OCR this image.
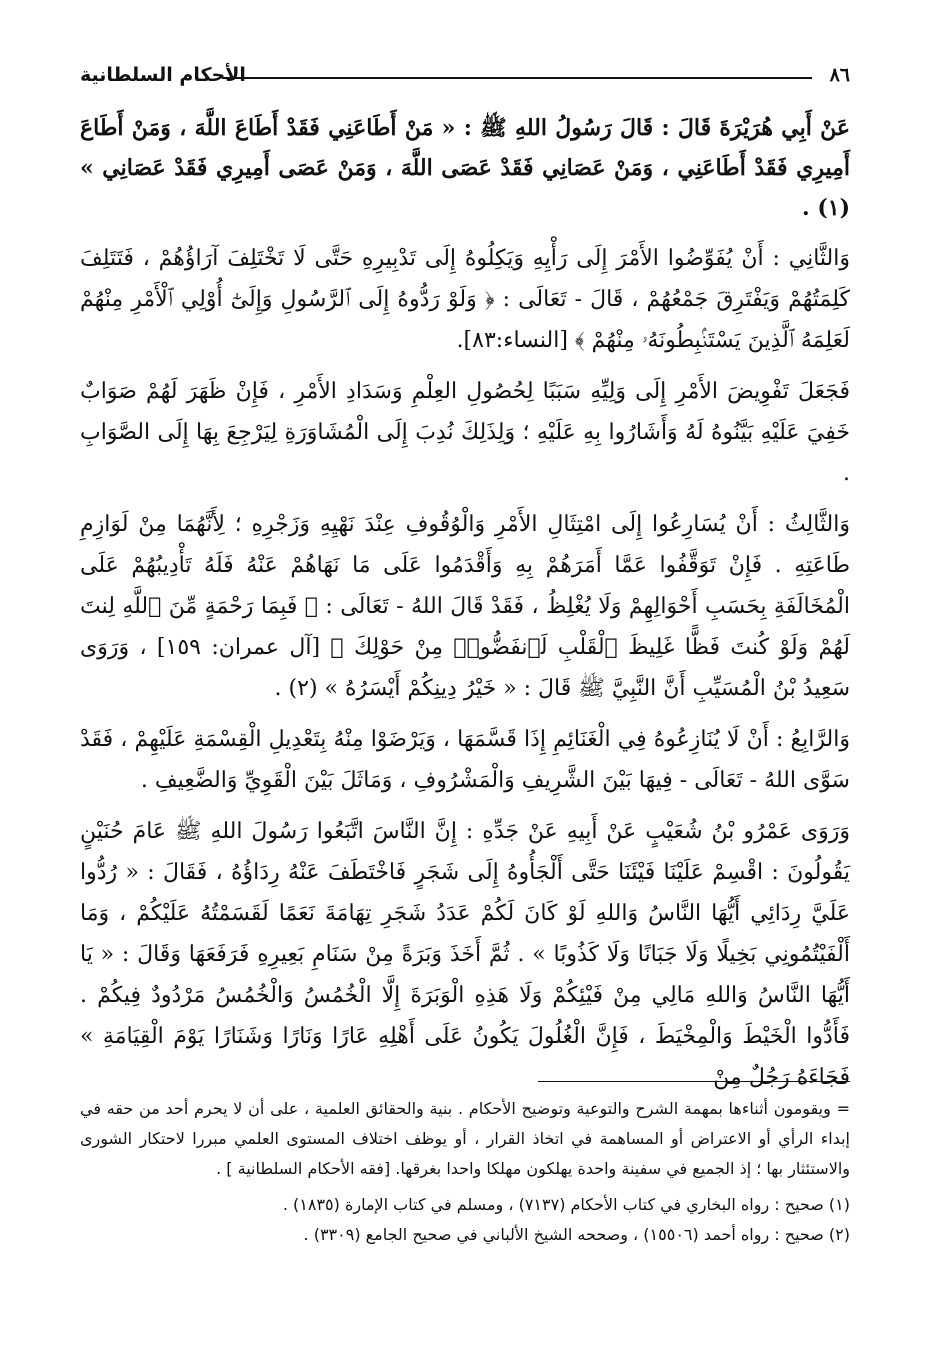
٨٦
الأحكام السلطانية

عَنْ أَبِي هُرَيْرَةَ قَالَ : قَالَ رَسُولُ اللهِ ﷺ : « مَنْ أَطَاعَنِي فَقَدْ أَطَاعَ اللَّهَ ، وَمَنْ أَطَاعَ أَمِيرِي فَقَدْ أَطَاعَنِي ، وَمَنْ عَصَانِي فَقَدْ عَصَى اللَّهَ ، وَمَنْ عَصَى أَمِيرِي فَقَدْ عَصَانِي » (١) .

وَالثَّانِي : أَنْ يُفَوِّضُوا الأَمْرَ إِلَى رَأْيِهِ وَيَكِلُوهُ إِلَى تَدْبِيرِهِ حَتَّى لَا تَخْتَلِفَ آرَاؤُهُمْ ، فَتَتَلِفَ كَلِمَتُهُمْ وَيَفْتَرِقَ جَمْعُهُمْ ، قَالَ - تَعَالَى : ﴿ وَلَوْ رَدُّوهُ إِلَى ٱلرَّسُولِ وَإِلَىٰٓ أُوْلِي ٱلْأَمْرِ مِنْهُمْ لَعَلِمَهُ ٱلَّذِينَ يَسْتَنۢبِطُونَهُۥ مِنْهُمْ ﴾ [النساء:٨٣].

فَجَعَلَ تَفْوِيضَ الأَمْرِ إِلَى وَلِيِّهِ سَبَبًا لِحُصُولِ العِلْمِ وَسَدَادِ الأَمْرِ ، فَإِنْ ظَهَرَ لَهُمْ صَوَابٌ خَفِيَ عَلَيْهِ بَيَّنُوهُ لَهُ وَأَشَارُوا بِهِ عَلَيْهِ ؛ وَلِذَلِكَ نُدِبَ إِلَى الْمُشَاوَرَةِ لِيَرْجِعَ بِهَا إِلَى الصَّوَابِ .

وَالثَّالِثُ : أَنْ يُسَارِعُوا إِلَى امْتِثَالِ الأَمْرِ وَالْوُقُوفِ عِنْدَ نَهْيِهِ وَزَجْرِهِ ؛ لِأَنَّهُمَا مِنْ لَوَازِمِ طَاعَتِهِ . فَإِنْ تَوَقَّفُوا عَمَّا أَمَرَهُمْ بِهِ وَأَقْدَمُوا عَلَى مَا نَهَاهُمْ عَنْهُ فَلَهُ تَأْدِيبُهُمْ عَلَى الْمُخَالَفَةِ بِحَسَبِ أَحْوَالِهِمْ وَلَا يُغْلِظُ ، فَقَدْ قَالَ اللهُ - تَعَالَى : ﴿ فَبِمَا رَحْمَةٍ مِّنَ ٱللَّهِ لِنتَ لَهُمْ وَلَوْ كُنتَ فَظًّا غَلِيظَ ٱلْقَلْبِ لَٱنفَضُّوا۟ مِنْ حَوْلِكَ ﴾ [آل عمران: ١٥٩] ، وَرَوَى سَعِيدُ بْنُ الْمُسَيِّبِ أَنَّ النَّبِيَّ ﷺ قَالَ : « خَيْرُ دِينِكُمْ أَيْسَرُهُ » (٢) .

وَالرَّابِعُ : أَنْ لَا يُنَازِعُوهُ فِي الْغَنَائِمِ إِذَا قَسَّمَهَا ، وَيَرْضَوْا مِنْهُ بِتَعْدِيلِ الْقِسْمَةِ عَلَيْهِمْ ، فَقَدْ سَوَّى اللهُ - تَعَالَى - فِيهَا بَيْنَ الشَّرِيفِ وَالْمَشْرُوفِ ، وَمَاثَلَ بَيْنَ الْقَوِيِّ وَالضَّعِيفِ .

وَرَوَى عَمْرُو بْنُ شُعَيْبٍ عَنْ أَبِيهِ عَنْ جَدِّهِ : إِنَّ النَّاسَ اتَّبَعُوا رَسُولَ اللهِ ﷺ عَامَ حُنَيْنٍ يَقُولُونَ : اقْسِمْ عَلَيْنَا فَيْئَنَا حَتَّى أَلْجَأُوهُ إِلَى شَجَرٍ فَاخْتَطَفَ عَنْهُ رِدَاؤُهُ ، فَقَالَ : « رُدُّوا عَلَيَّ رِدَائِي أَيُّهَا النَّاسُ وَاللهِ لَوْ كَانَ لَكُمْ عَدَدُ شَجَرِ تِهَامَةَ نَعَمًا لَقَسَمْتُهُ عَلَيْكُمْ ، وَمَا أَلْفَيْتُمُونِي بَخِيلًا وَلَا جَبَانًا وَلَا كَذُوبًا » . ثُمَّ أَخَذَ وَبَرَةً مِنْ سَنَامِ بَعِيرِهِ فَرَفَعَهَا وَقَالَ : « يَا أَيُّهَا النَّاسُ وَاللهِ مَالِي مِنْ فَيْئِكُمْ وَلَا هَذِهِ الْوَبَرَةَ إِلَّا الْخُمُسُ وَالْخُمُسُ مَرْدُودٌ فِيكُمْ . فَأَدُّوا الْخَيْطَ وَالْمِخْيَطَ ، فَإِنَّ الْغُلُولَ يَكُونُ عَلَى أَهْلِهِ عَارًا وَنَارًا وَشَنَارًا يَوْمَ الْقِيَامَةِ » فَجَاءَهُ رَجُلٌ مِنْ

= ويقومون أثناءها بمهمة الشرح والتوعية وتوضيح الأحكام . بنية والحقائق العلمية ، على أن لا يحرم أحد من حقه في إبداء الرأي أو الاعتراض أو المساهمة في اتخاذ القرار ، أو يوظف اختلاف المستوى العلمي مبررا لاحتكار الشورى والاستئثار بها ؛ إذ الجميع في سفينة واحدة يهلكون مهلكا واحدا بغرقها. [فقه الأحكام السلطانية ] .

(١) صحيح : رواه البخاري في كتاب الأحكام (٧١٣٧) ، ومسلم في كتاب الإمارة (١٨٣٥) .

(٢) صحيح : رواه أحمد (١٥٥٠٦) ، وصححه الشيخ الألباني في صحيح الجامع (٣٣٠٩) .
